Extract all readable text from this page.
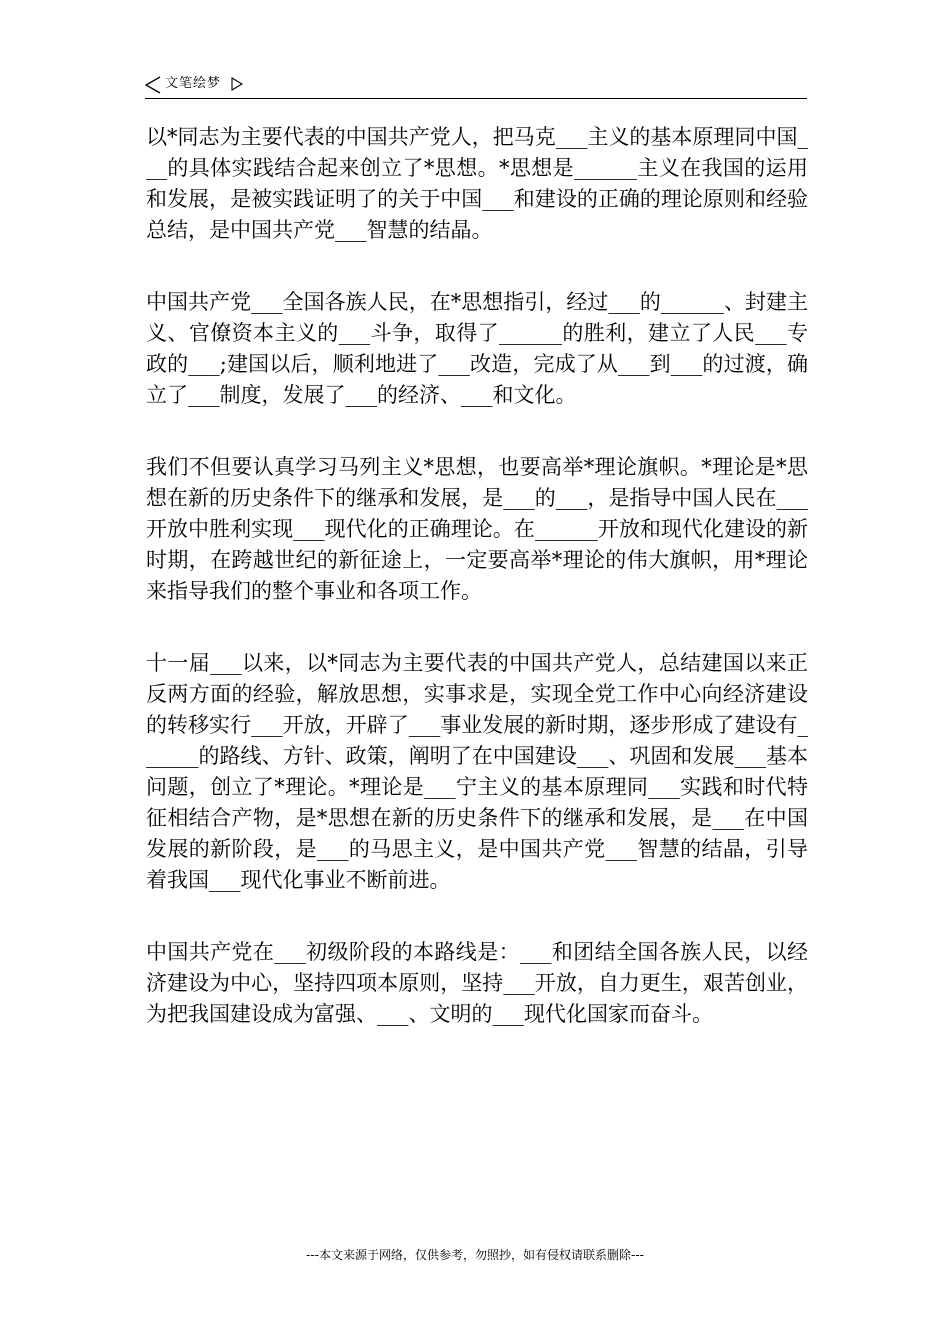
文笔绘梦

以*同志为主要代表的中国共产党人，把马克___主义的基本原理同中国___的具体实践结合起来创立了*思想。*思想是______主义在我国的运用和发展，是被实践证明了的关于中国___和建设的正确的理论原则和经验总结，是中国共产党___智慧的结晶。

中国共产党___全国各族人民，在*思想指引，经过___的______、封建主义、官僚资本主义的___斗争，取得了______的胜利，建立了人民___专政的___;建国以后，顺利地进了___改造，完成了从___到___的过渡，确立了___制度，发展了___的经济、___和文化。

我们不但要认真学习马列主义*思想，也要高举*理论旗帜。*理论是*思想在新的历史条件下的继承和发展，是___的___，是指导中国人民在___开放中胜利实现___现代化的正确理论。在______开放和现代化建设的新时期，在跨越世纪的新征途上，一定要高举*理论的伟大旗帜，用*理论来指导我们的整个事业和各项工作。

十一届___以来，以*同志为主要代表的中国共产党人，总结建国以来正反两方面的经验，解放思想，实事求是，实现全党工作中心向经济建设的转移实行___开放，开辟了___事业发展的新时期，逐步形成了建设有______的路线、方针、政策，阐明了在中国建设___、巩固和发展___基本问题，创立了*理论。*理论是___宁主义的基本原理同___实践和时代特征相结合产物，是*思想在新的历史条件下的继承和发展，是___在中国发展的新阶段，是___的马思主义，是中国共产党___智慧的结晶，引导着我国___现代化事业不断前进。

中国共产党在___初级阶段的本路线是：___和团结全国各族人民，以经济建设为中心，坚持四项本原则，坚持___开放，自力更生，艰苦创业，为把我国建设成为富强、___、文明的___现代化国家而奋斗。

---本文来源于网络，仅供参考，勿照抄，如有侵权请联系删除---
